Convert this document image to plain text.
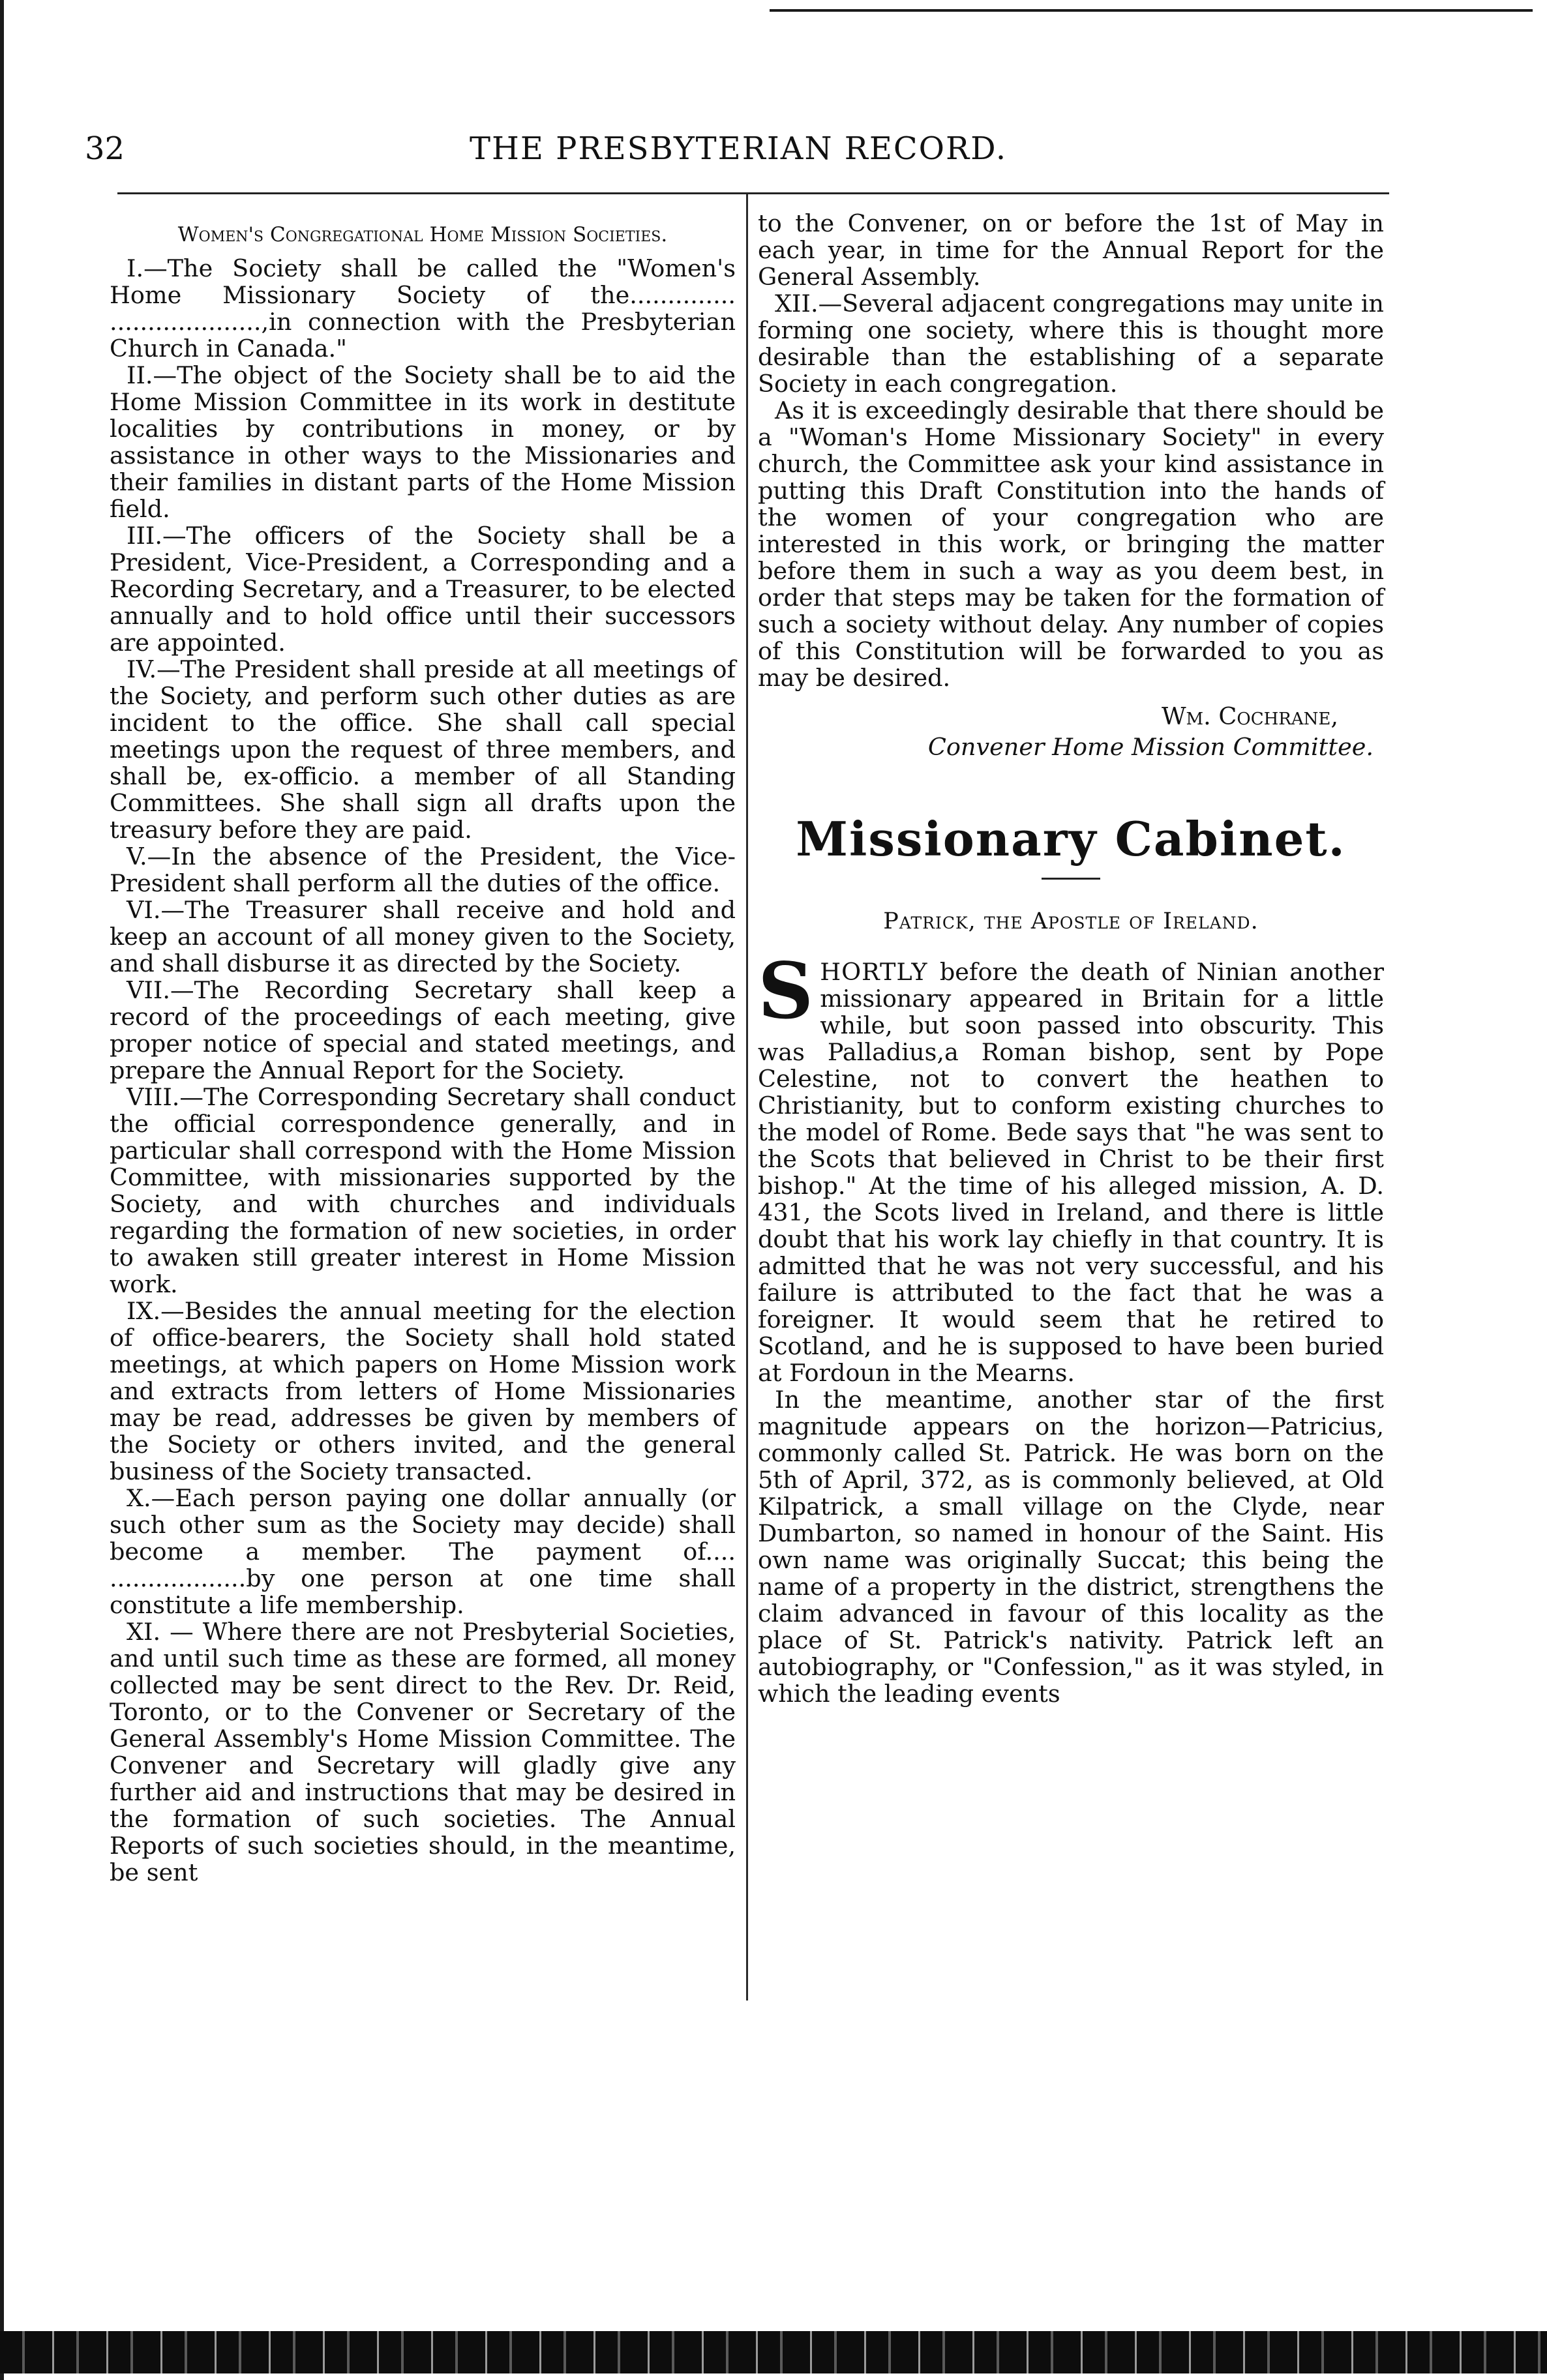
32	THE PRESBYTERIAN RECORD.
Women's Congregational Home Mission Societies.

I.—The Society shall be called the "Women's Home Missionary Society of the.............. ....................,in connection with the Presbyterian Church in Canada."

II.—The object of the Society shall be to aid the Home Mission Committee in its work in destitute localities by contributions in money, or by assistance in other ways to the Missionaries and their families in distant parts of the Home Mission field.

III.—The officers of the Society shall be a President, Vice-President, a Corresponding and a Recording Secretary, and a Treasurer, to be elected annually and to hold office until their successors are appointed.

IV.—The President shall preside at all meetings of the Society, and perform such other duties as are incident to the office. She shall call special meetings upon the request of three members, and shall be, ex-officio. a member of all Standing Committees. She shall sign all drafts upon the treasury before they are paid.

V.—In the absence of the President, the Vice-President shall perform all the duties of the office.

VI.—The Treasurer shall receive and hold and keep an account of all money given to the Society, and shall disburse it as directed by the Society.

VII.—The Recording Secretary shall keep a record of the proceedings of each meeting, give proper notice of special and stated meetings, and prepare the Annual Report for the Society.

VIII.—The Corresponding Secretary shall conduct the official correspondence generally, and in particular shall correspond with the Home Mission Committee, with missionaries supported by the Society, and with churches and individuals regarding the formation of new societies, in order to awaken still greater interest in Home Mission work.

IX.—Besides the annual meeting for the election of office-bearers, the Society shall hold stated meetings, at which papers on Home Mission work and extracts from letters of Home Missionaries may be read, addresses be given by members of the Society or others invited, and the general business of the Society transacted.

X.—Each person paying one dollar annually (or such other sum as the Society may decide) shall become a member. The payment of.... ..................by one person at one time shall constitute a life membership.

XI. — Where there are not Presbyterial Societies, and until such time as these are formed, all money collected may be sent direct to the Rev. Dr. Reid, Toronto, or to the Convener or Secretary of the General Assembly's Home Mission Committee. The Convener and Secretary will gladly give any further aid and instructions that may be desired in the formation of such societies. The Annual Reports of such societies should, in the meantime, be sent

to the Convener, on or before the 1st of May in each year, in time for the Annual Report for the General Assembly.

XII.—Several adjacent congregations may unite in forming one society, where this is thought more desirable than the establishing of a separate Society in each congregation.

As it is exceedingly desirable that there should be a "Woman's Home Missionary Society" in every church, the Committee ask your kind assistance in putting this Draft Constitution into the hands of the women of your congregation who are interested in this work, or bringing the matter before them in such a way as you deem best, in order that steps may be taken for the formation of such a society without delay. Any number of copies of this Constitution will be forwarded to you as may be desired.

Wm. Cochrane,

Convener Home Mission Committee.

Missionary Cabinet.
Patrick, the Apostle of Ireland.

SHORTLY before the death of Ninian another missionary appeared in Britain for a little while, but soon passed into obscurity. This was Palladius,a Roman bishop, sent by Pope Celestine, not to convert the heathen to Christianity, but to conform existing churches to the model of Rome. Bede says that "he was sent to the Scots that believed in Christ to be their first bishop." At the time of his alleged mission, A. D. 431, the Scots lived in Ireland, and there is little doubt that his work lay chiefly in that country. It is admitted that he was not very successful, and his failure is attributed to the fact that he was a foreigner. It would seem that he retired to Scotland, and he is supposed to have been buried at Fordoun in the Mearns.

In the meantime, another star of the first magnitude appears on the horizon—Patricius, commonly called St. Patrick. He was born on the 5th of April, 372, as is commonly believed, at Old Kilpatrick, a small village on the Clyde, near Dumbarton, so named in honour of the Saint. His own name was originally Succat; this being the name of a property in the district, strengthens the claim advanced in favour of this locality as the place of St. Patrick's nativity. Patrick left an autobiography, or "Confession," as it was styled, in which the leading events
